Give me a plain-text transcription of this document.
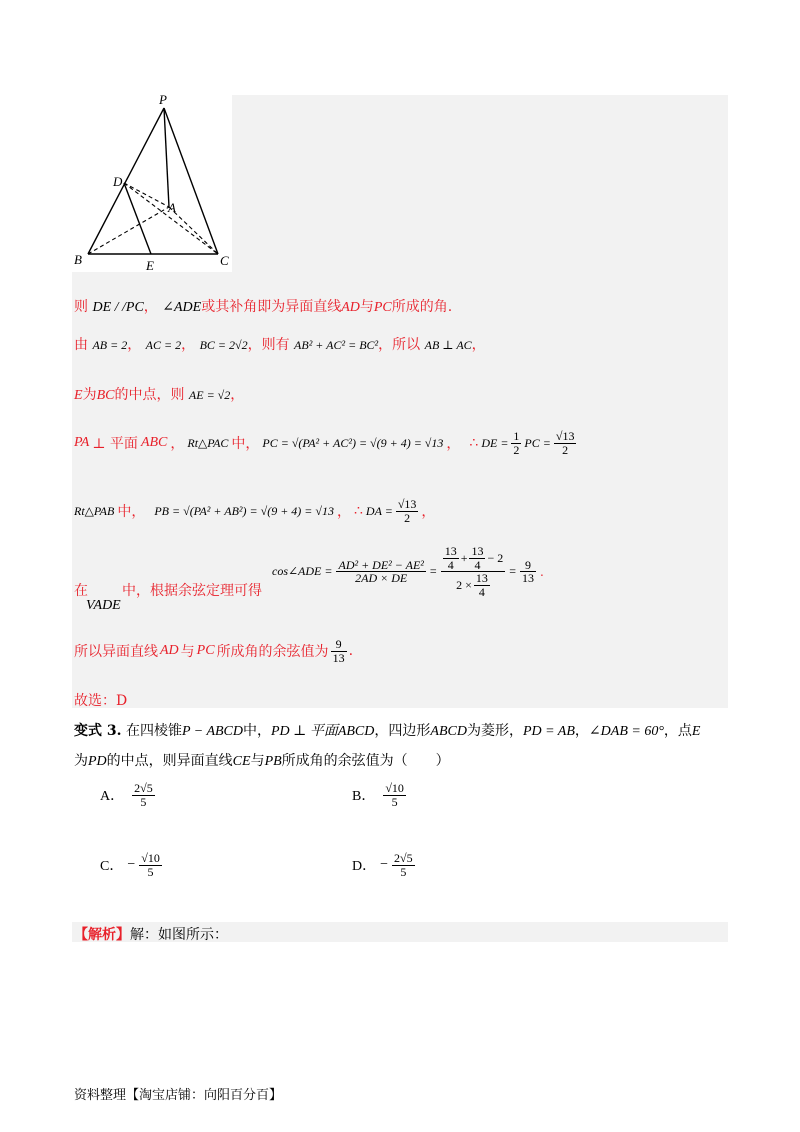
P
D
A
B	E	C
则 DE / /PC， ∠ADE或其补角即为异面直线AD与PC所成的角.
由 AB = 2， AC = 2， BC = 2√2，则有 AB² + AC² = BC²，所以 AB ⊥ AC，
E为BC的中点，则 AE = √2，
PA ⊥ 平面 ABC ， Rt△PAC 中， PC = √(PA² + AC²) = √(9 + 4) = √13 ， ∴ DE = $\frac{1}{2}$ PC = $\frac{√13}{2}$
Rt△PAB 中， PB = √(PA² + AB²) = √(9 + 4) = √13 ， ∴ DA = $\frac{√13}{2}$ ，
在 中，根据余弦定理可得
VADE
cos∠ADE = $\frac{\text{AD² + DE² − AE²}}{2AD \times DE} = \frac{\frac{13}{4} + \frac{13}{4} - 2}{2 \times \frac{13}{4}} = \frac{9}{13}$ .
所以异面直线 AD 与 PC 所成角的余弦值为 $\frac{9}{13}$ .
故选：D
变式 3. 在四棱锥P − ABCD中，PD ⊥ 平面ABCD，四边形ABCD为菱形，PD = AB，∠DAB = 60°，点E
为PD的中点，则异面直线CE与PB所成角的余弦值为（　　）
A． $\frac{2√5}{5}$	B． $\frac{√10}{5}$
C． − $\frac{√10}{5}$	D． − $\frac{2√5}{5}$
【解析】解：如图所示：
资料整理【淘宝店铺：向阳百分百】
